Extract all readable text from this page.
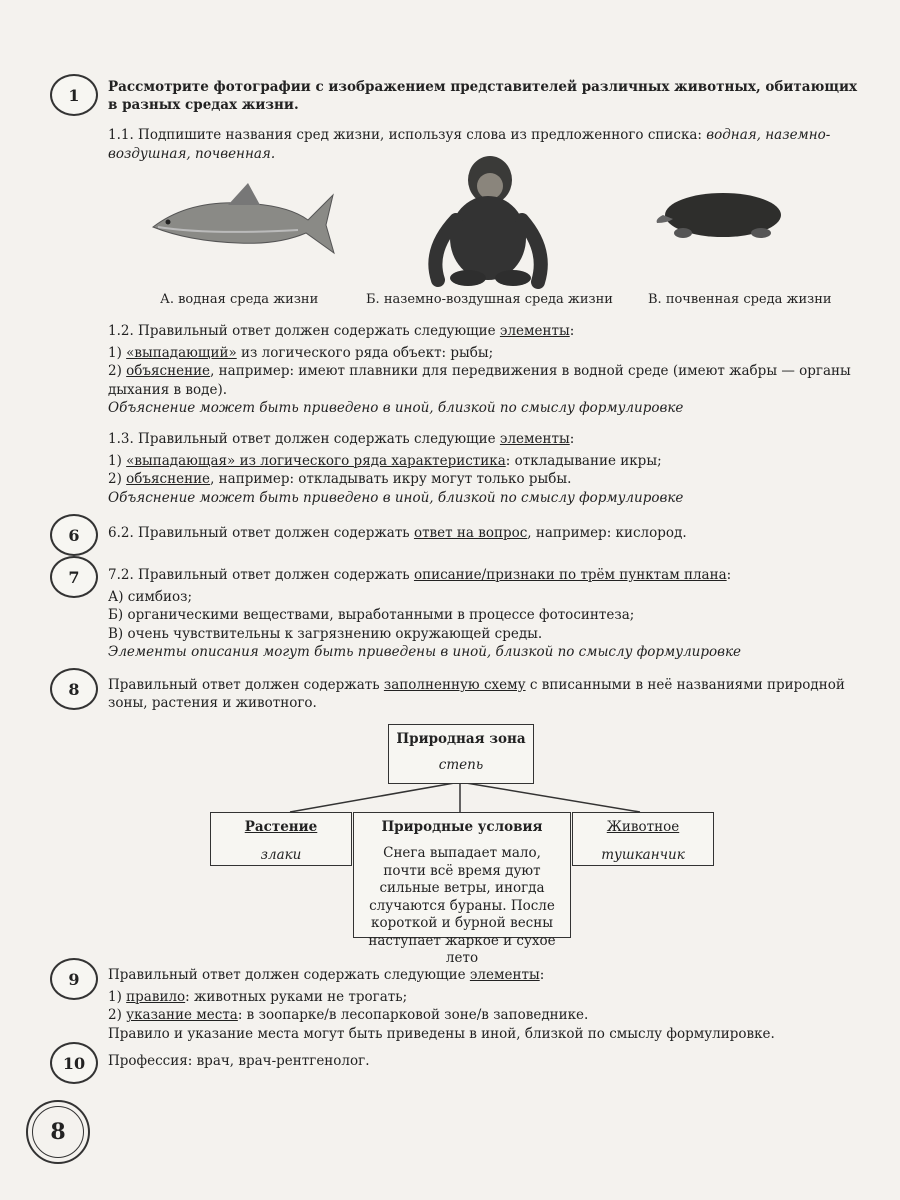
1	Рассмотрите фотографии с изображением представителей различных животных, обитающих в разных средах жизни.

1.1. Подпишите названия сред жизни, используя слова из предложенного списка: водная, наземно-воздушная, почвенная.

А. водная среда жизни	Б. наземно-воздушная среда жизни	В. почвенная среда жизни

1.2. Правильный ответ должен содержать следующие элементы:

1) «выпадающий» из логического ряда объект: рыбы;

2) объяснение, например: имеют плавники для передвижения в водной среде (имеют жабры — органы дыхания в воде).

Объяснение может быть приведено в иной, близкой по смыслу формулировке

1.3. Правильный ответ должен содержать следующие элементы:

1) «выпадающая» из логического ряда характеристика: откладывание икры;

2) объяснение, например: откладывать икру могут только рыбы.

Объяснение может быть приведено в иной, близкой по смыслу формулировке

6	6.2. Правильный ответ должен содержать ответ на вопрос, например: кислород.

7	7.2. Правильный ответ должен содержать описание/признаки по трём пунктам плана:

А) симбиоз;

Б) органическими веществами, выработанными в процессе фотосинтеза;

В) очень чувствительны к загрязнению окружающей среды.

Элементы описания могут быть приведены в иной, близкой по смыслу формулировке

8	Правильный ответ должен содержать заполненную схему с вписанными в неё названиями природной зоны, растения и животного.

Природная зона
степь
Растение
злаки
Природные условия
Снега выпадает мало, почти всё время дуют сильные ветры, иногда случаются бураны. После короткой и бурной весны наступает жаркое и сухое лето
Животное
тушканчик
9	Правильный ответ должен содержать следующие элементы:

1) правило: животных руками не трогать;

2) указание места: в зоопарке/в лесопарковой зоне/в заповеднике.

Правило и указание места могут быть приведены в иной, близкой по смыслу формулировке.

10	Профессия: врач, врач-рентгенолог.

8
